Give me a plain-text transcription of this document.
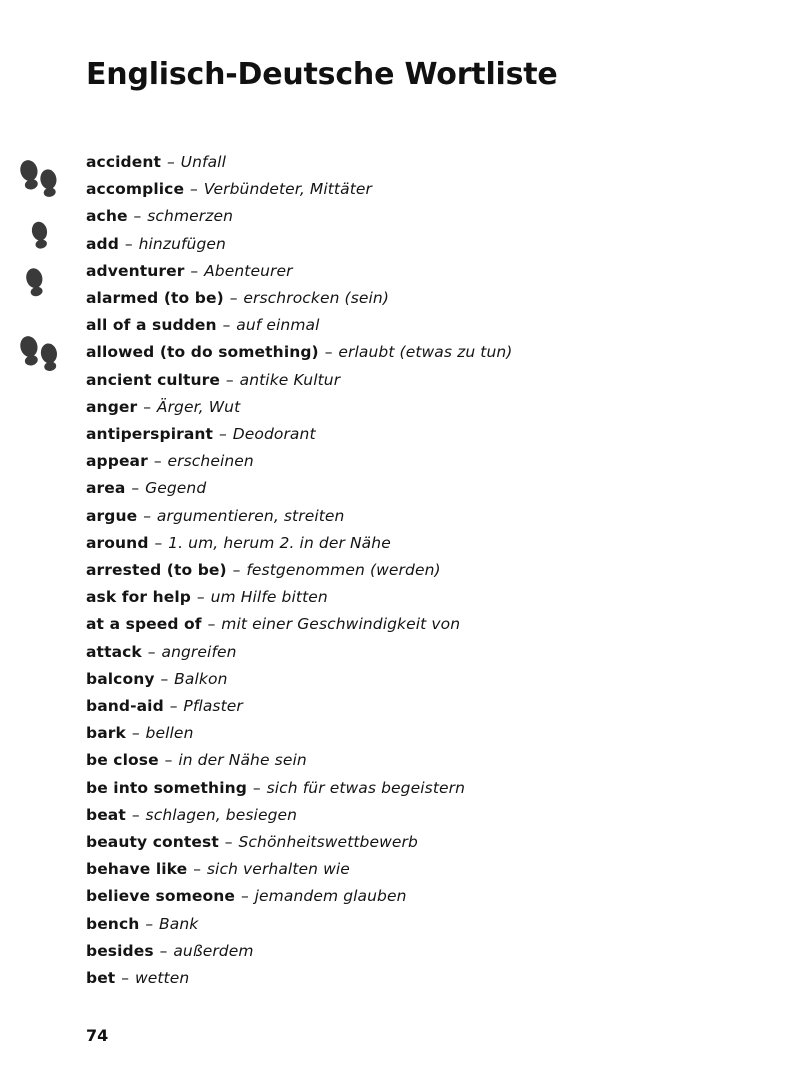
Englisch-Deutsche Wortliste
accident – Unfall
accomplice – Verbündeter, Mittäter
ache – schmerzen
add – hinzufügen
adventurer – Abenteurer
alarmed (to be) – erschrocken (sein)
all of a sudden – auf einmal
allowed (to do something) – erlaubt (etwas zu tun)
ancient culture – antike Kultur
anger – Ärger, Wut
antiperspirant – Deodorant
appear – erscheinen
area – Gegend
argue – argumentieren, streiten
around – 1. um, herum 2. in der Nähe
arrested (to be) – festgenommen (werden)
ask for help – um Hilfe bitten
at a speed of – mit einer Geschwindigkeit von
attack – angreifen
balcony – Balkon
band-aid – Pflaster
bark – bellen
be close – in der Nähe sein
be into something – sich für etwas begeistern
beat – schlagen, besiegen
beauty contest – Schönheitswettbewerb
behave like – sich verhalten wie
believe someone – jemandem glauben
bench – Bank
besides – außerdem
bet – wetten
74
